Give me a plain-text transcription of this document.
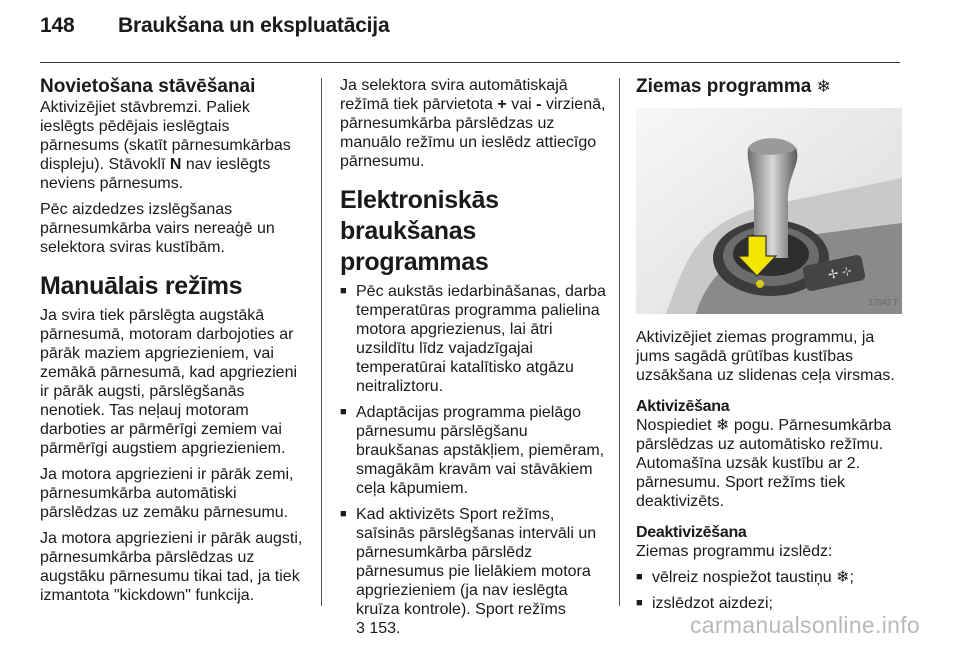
148 Braukšana un ekspluatācija
Novietošana stāvēšanai

Aktivizējiet stāvbremzi. Paliek ieslēgts pēdējais ieslēgtais pārnesums (skatīt pārnesumkārbas displeju). Stāvoklī N nav ieslēgts neviens pārnesums.

Pēc aizdedzes izslēgšanas pārnesumkārba vairs nereaģē un selektora sviras kustībām.

Manuālais režīms

Ja svira tiek pārslēgta augstākā pārnesumā, motoram darbojoties ar pārāk maziem apgriezieniem, vai zemākā pārnesumā, kad apgriezieni ir pārāk augsti, pārslēgšanās nenotiek. Tas neļauj motoram darboties ar pārmērīgi zemiem vai pārmērīgi augstiem apgriezieniem.

Ja motora apgriezieni ir pārāk zemi, pārnesumkārba automātiski pārslēdzas uz zemāku pārnesumu.

Ja motora apgriezieni ir pārāk augsti, pārnesumkārba pārslēdzas uz augstāku pārnesumu tikai tad, ja tiek izmantota "kickdown" funkcija.

Ja selektora svira automātiskajā režīmā tiek pārvietota + vai - virzienā, pārnesumkārba pārslēdzas uz manuālo režīmu un ieslēdz attiecīgo pārnesumu.

Elektroniskās braukšanas programmas
■ Pēc aukstās iedarbināšanas, darba temperatūras programma palielina motora apgriezienus, lai ātri uzsildītu līdz vajadzīgajai temperatūrai katalītisko atgāzu neitraliztoru.
■ Adaptācijas programma pielāgo pārnesumu pārslēgšanu braukšanas apstākļiem, piemēram, smagākām kravām vai stāvākiem ceļa kāpumiem.
■ Kad aktivizēts Sport režīms, saīsinās pārslēgšanas intervāli un pārnesumkārba pārslēdz pārnesumus pie lielākiem motora apgriezieniem (ja nav ieslēgta kruīza kontrole). Sport režīms
3 153.
Ziemas programma ❄
✢ ⊹
17942 T

Aktivizējiet ziemas programmu, ja jums sagādā grūtības kustības uzsākšana uz slidenas ceļa virsmas.

Aktivizēšana

Nospiediet ❄ pogu. Pārnesumkārba pārslēdzas uz automātisko režīmu. Automašīna uzsāk kustību ar 2. pārnesumu. Sport režīms tiek deaktivizēts.

Deaktivizēšana

Ziemas programmu izslēdz:

■ vēlreiz nospiežot taustiņu ❄;
■ izslēdzot aizdezi;
carmanualsonline.info
